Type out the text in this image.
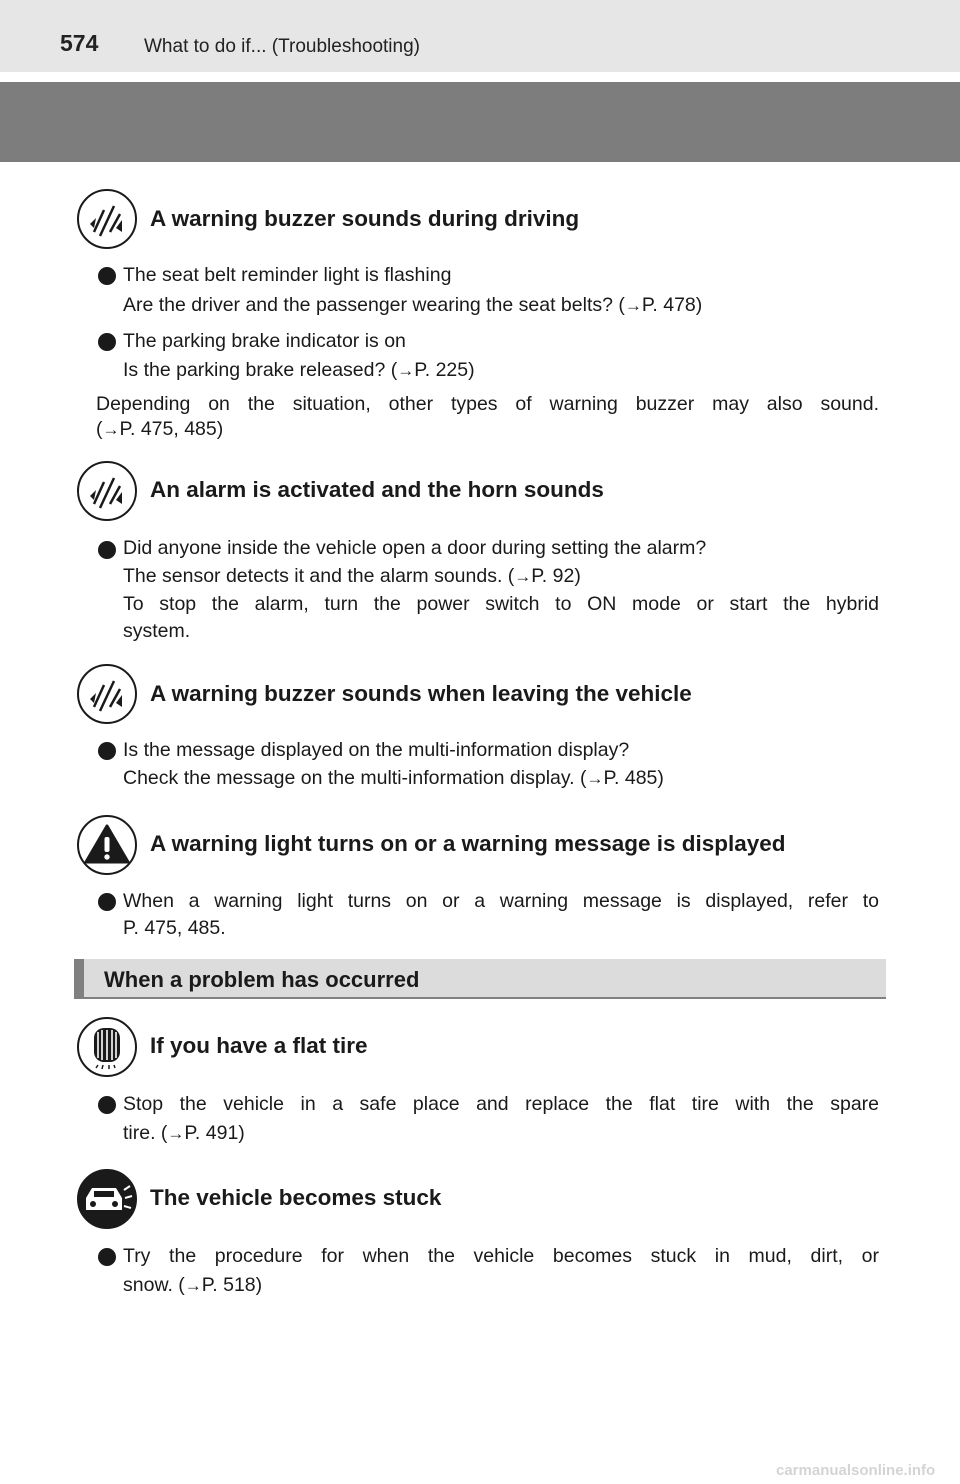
574 What to do if... (Troubleshooting)
A warning buzzer sounds during driving
The seat belt reminder light is flashing
Are the driver and the passenger wearing the seat belts? (→P. 478)
The parking brake indicator is on
Is the parking brake released? (→P. 225)
Depending on the situation, other types of warning buzzer may also sound.
(→P. 475, 485)
An alarm is activated and the horn sounds
Did anyone inside the vehicle open a door during setting the alarm?
The sensor detects it and the alarm sounds. (→P. 92)
To stop the alarm, turn the power switch to ON mode or start the hybrid
system.
A warning buzzer sounds when leaving the vehicle
Is the message displayed on the multi-information display?
Check the message on the multi-information display. (→P. 485)
A warning light turns on or a warning message is displayed
When a warning light turns on or a warning message is displayed, refer to
P. 475, 485.
When a problem has occurred
If you have a flat tire
Stop the vehicle in a safe place and replace the flat tire with the spare
tire. (→P. 491)
The vehicle becomes stuck
Try the procedure for when the vehicle becomes stuck in mud, dirt, or
snow. (→P. 518)
carmanualsonline.info
